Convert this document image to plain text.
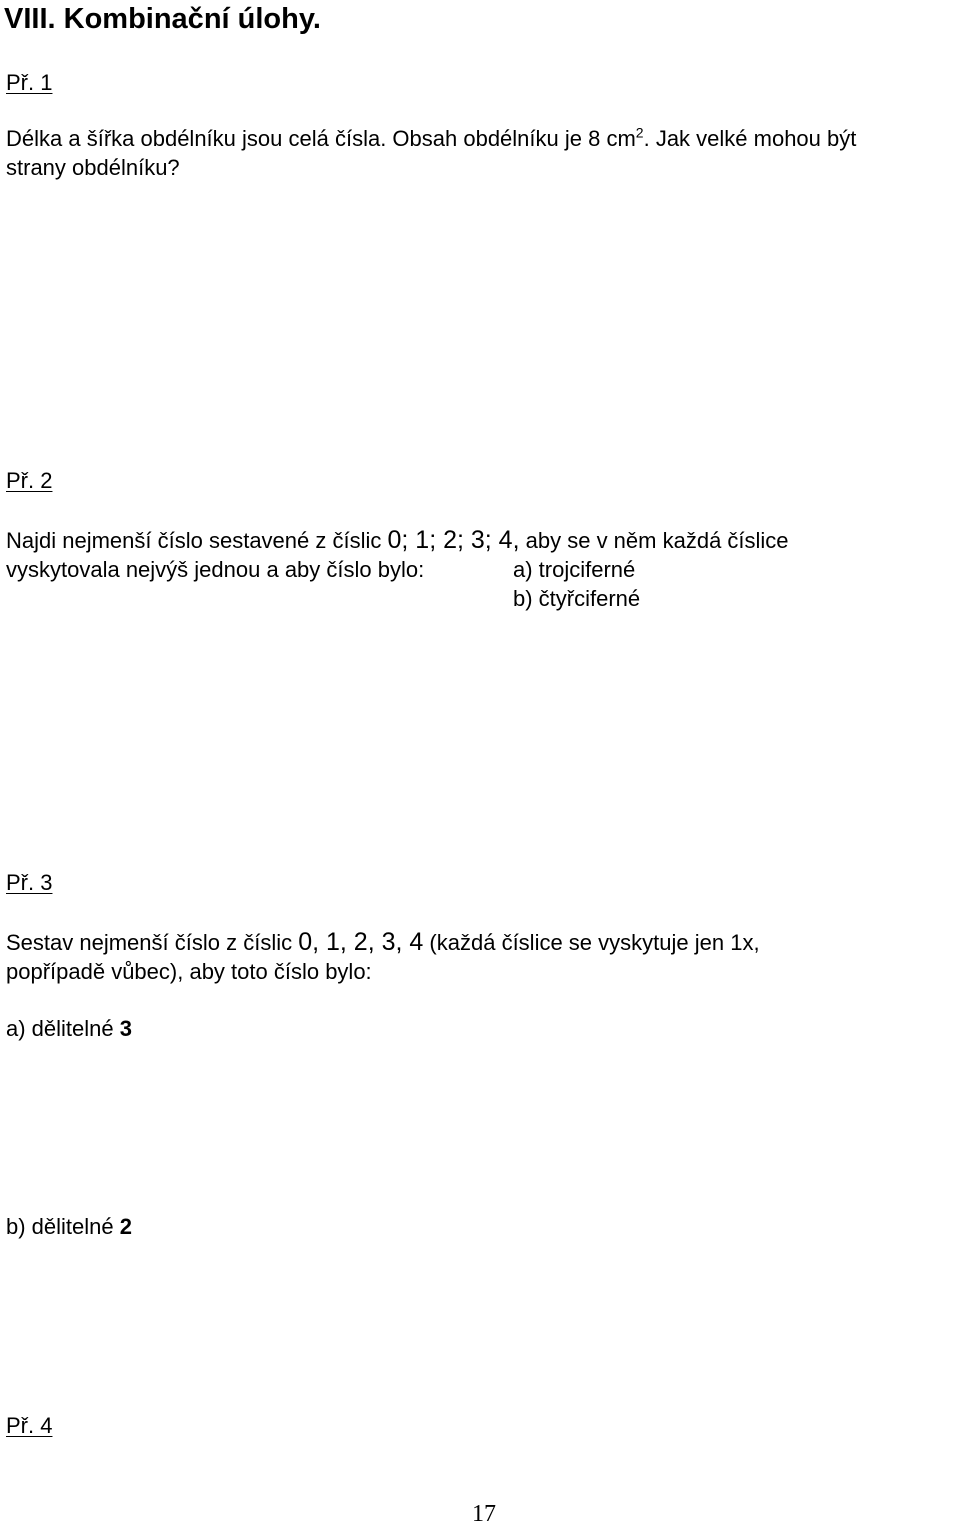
VIII. Kombinační úlohy.
Př. 1
Délka a šířka obdélníku jsou celá čísla. Obsah obdélníku je 8 $cm^2$. Jak velké mohou být
strany obdélníku?
Př. 2
Najdi nejmenší číslo sestavené z číslic 0; 1; 2; 3; 4, aby se v něm každá číslice
vyskytovala nejvýš jednou a aby číslo bylo:	a) trojciferné
b) čtyřciferné
Př. 3
Sestav nejmenší číslo z číslic 0, 1, 2, 3, 4 (každá číslice se vyskytuje jen 1x,
popřípadě vůbec), aby toto číslo bylo:
a) dělitelné 3
b) dělitelné 2
Př. 4
17
